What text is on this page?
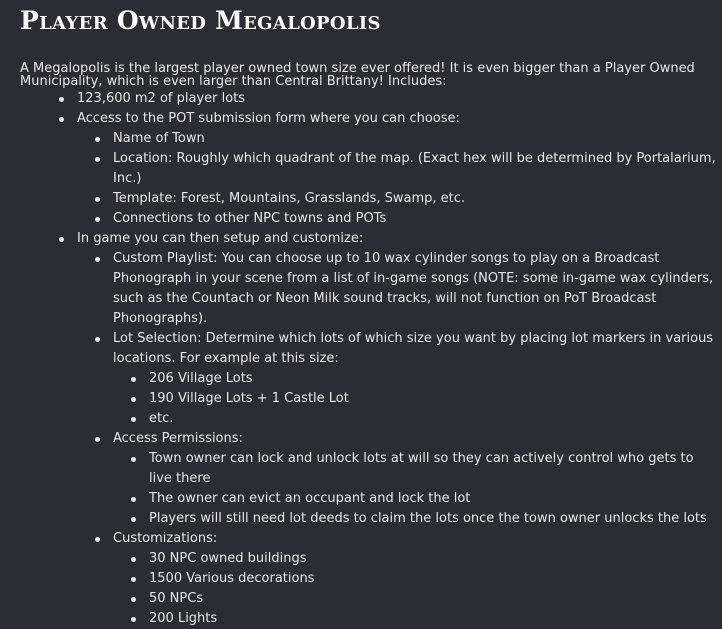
Player Owned Megalopolis

A Megalopolis is the largest player owned town size ever offered! It is even bigger than a Player Owned Municipality, which is even larger than Central Brittany! Includes:

123,600 m2 of player lots
Access to the POT submission form where you can choose:
Name of Town
Location: Roughly which quadrant of the map. (Exact hex will be determined by Portalarium, Inc.)
Template: Forest, Mountains, Grasslands, Swamp, etc.
Connections to other NPC towns and POTs
In game you can then setup and customize:
Custom Playlist: You can choose up to 10 wax cylinder songs to play on a Broadcast Phonograph in your scene from a list of in-game songs (NOTE: some in-game wax cylinders, such as the Countach or Neon Milk sound tracks, will not function on PoT Broadcast Phonographs).
Lot Selection: Determine which lots of which size you want by placing lot markers in various locations. For example at this size:
206 Village Lots
190 Village Lots + 1 Castle Lot
etc.
Access Permissions:
Town owner can lock and unlock lots at will so they can actively control who gets to live there
The owner can evict an occupant and lock the lot
Players will still need lot deeds to claim the lots once the town owner unlocks the lots
Customizations:
30 NPC owned buildings
1500 Various decorations
50 NPCs
200 Lights
